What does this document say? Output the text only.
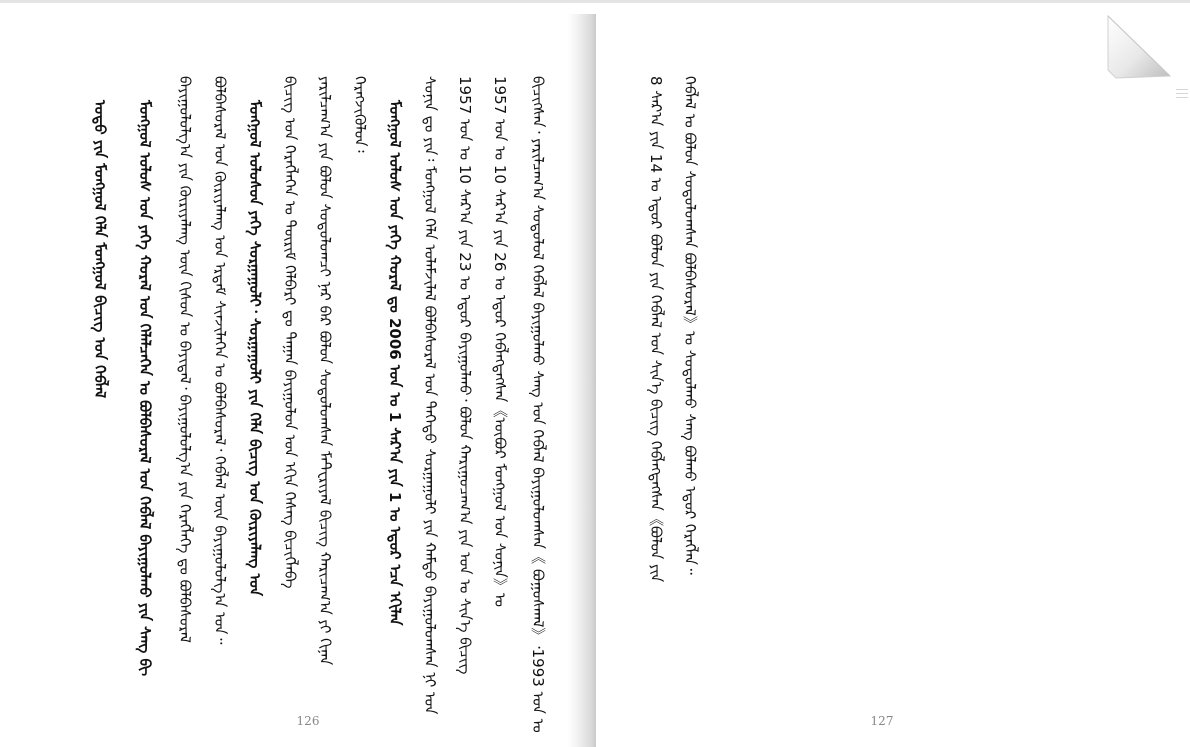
ᠪᠢᠴᠢᠭᠰᠡᠨ᠂ ᠶᠠᠷᠢᠯᠴᠠᠭ᠎ᠠ ᠰᠤᠳᠤᠯᠤᠯ ᠬᠡᠪᠯᠡᠯ ᠪᠠᠶᠢᠭᠤᠯᠬᠤ ᠰᠠᠩ ᠤᠨ ᠬᠡᠪᠯᠡᠯ ᠪᠠᠶᠢᠭᠤᠯᠤᠭᠰᠠᠨ《 ᠪᠣᠭᠤᠰᠬᠠᠯ》᠂1993 ᠣᠨ ᠤ
1957 ᠣᠨ ᠤ 10 ᠰᠠᠷ᠎ᠠ ᠶᠢᠨ 26 ᠤ ᠡᠳᠦᠷ ᠬᠡᠪᠯᠡᠭᠳᠡᠭᠰᠡᠨ《ᠥᠪᠥᠷ ᠮᠣᠩᠭᠣᠯ ᠤᠨ ᠰᠣᠨᠢᠨ》ᠤ
1957 ᠣᠨ ᠤ 10 ᠰᠠᠷ᠎ᠠ ᠶᠢᠨ 23 ᠤ ᠡᠳᠦᠷ ᠪᠠᠶᠢᠭᠤᠯᠬᠤ᠂ ᠪᠣᠯᠤᠨ ᠬᠠᠷᠢᠭᠤᠴᠠᠭ᠎ᠠ ᠶᠢᠨ ᠣᠨ ᠤ ᠰᠢᠨ᠎ᠡ ᠪᠢᠴᠢᠭ
ᠰᠣᠨᠢᠨ ᠳᠤ ᠶᠢᠨ᠄ ᠮᠣᠩᠭᠣᠯ ᠬᠡᠯᠡ ᠤᠯᠠᠮᠵᠢᠯᠠᠯ ᠪᠣᠯᠪᠠᠰᠤᠷᠠᠯ ᠤᠨ ᠳᠡᠭᠡᠳᠦ ᠰᠤᠷᠭᠠᠭᠤᠯᠢ ᠶᠢᠨ ᠬᠠᠮᠲᠤ ᠪᠠᠶᠢᠭᠤᠯᠤᠭᠰᠠᠨ ᠨᠢ ᠣᠨ
ᠮᠣᠩᠭᠣᠯ ᠤᠯᠤᠰ ᠤᠨ ᠶᠡᠬᠡ ᠬᠤᠷᠠᠯ ᠳᠤ 2006 ᠣᠨ ᠤ 1 ᠰᠠᠷ᠎ᠠ ᠶᠢᠨ 1 ᠤ ᠡᠳᠦᠷ ᠡᠴᠡ ᠡᠬᠢᠯᠡᠨ
ᠬᠡᠷᠡᠭᠵᠢᠭᠦᠯᠦᠨ᠄
ᠶᠠᠷᠢᠯᠴᠠᠭ᠎ᠠ ᠶᠢᠨ ᠪᠣᠯᠤᠨ ᠰᠤᠳᠤᠯᠤᠭᠴᠢ ᠨᠠᠷ ᠪᠠᠷ ᠪᠣᠯᠤᠨ ᠰᠤᠳᠤᠯᠤᠭᠰᠠᠨ ᠮᠠᠲᠸᠷᠢᠶᠠᠯ ᠪᠢᠴᠢᠭ ᠬᠠᠷᠢᠴᠠᠭ᠎ᠠ ᠶᠢ ᠬᠢᠨᠠᠨ
ᠪᠢᠴᠢᠭ ᠤᠨ ᠬᠡᠷᠡᠭᠯᠡᠭᠡᠨ ᠤ ᠳᠦᠷᠢᠮ ᠬᠡᠯᠪᠡᠷᠢ ᠳᠤ ᠳᠠᠭᠠᠨ ᠪᠠᠶᠢᠭᠤᠯᠤᠨ ᠣᠨ ᠡᠬᠢᠨ ᠬᠡᠰᠡᠭ ᠪᠢᠴᠢᠭᠯᠡᠪᠡ
ᠮᠣᠩᠭᠣᠯ ᠤᠯᠤᠰᠤᠨ ᠶᠡᠬᠡ ᠰᠤᠷᠭᠠᠭᠤᠯᠢ᠂ ᠰᠤᠷᠭᠠᠭᠤᠯᠢ ᠶᠢᠨ ᠬᠡᠯᠡ ᠪᠢᠴᠢᠭ ᠤᠨ ᠬᠦᠷᠢᠶᠡᠯᠡᠩ ᠤᠨ
ᠪᠣᠯᠪᠠᠰᠤᠷᠠᠯ ᠤᠨ ᠬᠦᠷᠢᠶᠡᠯᠡᠩ ᠤᠨ ᠡᠷᠳᠡᠮ ᠰᠢᠨᠵᠢᠯᠡᠭᠡᠨ ᠤ ᠪᠣᠯᠪᠠᠰᠤᠷᠠᠯ᠂ ᠬᠡᠪᠯᠡᠯ ᠦᠨ ᠪᠠᠶᠢᠭᠤᠯᠤᠯᠭ᠎ᠠ ᠣᠨ᠃
ᠪᠠᠶᠢᠭᠤᠯᠤᠯᠭ᠎ᠠ ᠶᠢᠨ ᠬᠦᠷᠢᠶᠡᠯᠡᠩ ᠦᠨ ᠭᠢᠰᠦᠨ ᠤ ᠪᠠᠶᠢᠳᠠᠯ᠂ ᠪᠠᠶᠢᠭᠤᠯᠤᠯᠭ᠎ᠠ ᠶᠢᠨ ᠬᠡᠷᠡᠭᠯᠡᠭᠡ ᠳᠤ ᠪᠣᠯᠪᠠᠰᠤᠷᠠᠯ
ᠮᠣᠩᠭᠣᠯ ᠤᠯᠤᠰ ᠤᠨ ᠶᠡᠬᠡ ᠬᠤᠷᠠᠯ ᠤᠨ ᠬᠡᠯᠡᠯᠴᠡᠭᠡᠨ ᠤ ᠪᠣᠯᠪᠠᠰᠤᠷᠠᠯ ᠤᠨ ᠬᠡᠪᠯᠡᠯ ᠪᠠᠶᠢᠭᠤᠯᠬᠤ ᠶᠢᠨ ᠰᠠᠩ ᠪᠢ
ᠣᠳᠣ ᠶᠢᠨ ᠮᠣᠩᠭᠣᠯ ᠬᠡᠯᠡ ᠮᠣᠩᠭᠣᠯ ᠪᠢᠴᠢᠭ ᠤᠨ ᠬᠡᠪᠯᠡᠯ
126
ᠬᠡᠪᠯᠡᠯ ᠤ ᠪᠣᠯᠤᠨ ᠰᠤᠳᠤᠯᠤᠭᠰᠠᠨ ᠪᠣᠯᠪᠠᠰᠤᠷᠠᠯ》ᠤ ᠰᠤᠳᠤᠯᠬᠤ ᠰᠠᠩ ᠪᠣᠯᠬᠤ ᠡᠳᠦᠷ ᠬᠡᠷᠡᠭᠯᠡᠨ᠃
8 ᠰᠠᠷ᠎ᠠ ᠶᠢᠨ 14 ᠤ ᠡᠳᠦᠷ ᠪᠣᠯᠤᠨ ᠶᠢᠨ ᠬᠡᠪᠯᠡᠯ ᠤᠨ ᠰᠢᠨ᠎ᠡ ᠪᠢᠴᠢᠭ ᠬᠡᠪᠯᠡᠭᠳᠡᠭᠰᠡᠨ《ᠪᠣᠯᠤᠨ ᠶᠢᠨ
127
